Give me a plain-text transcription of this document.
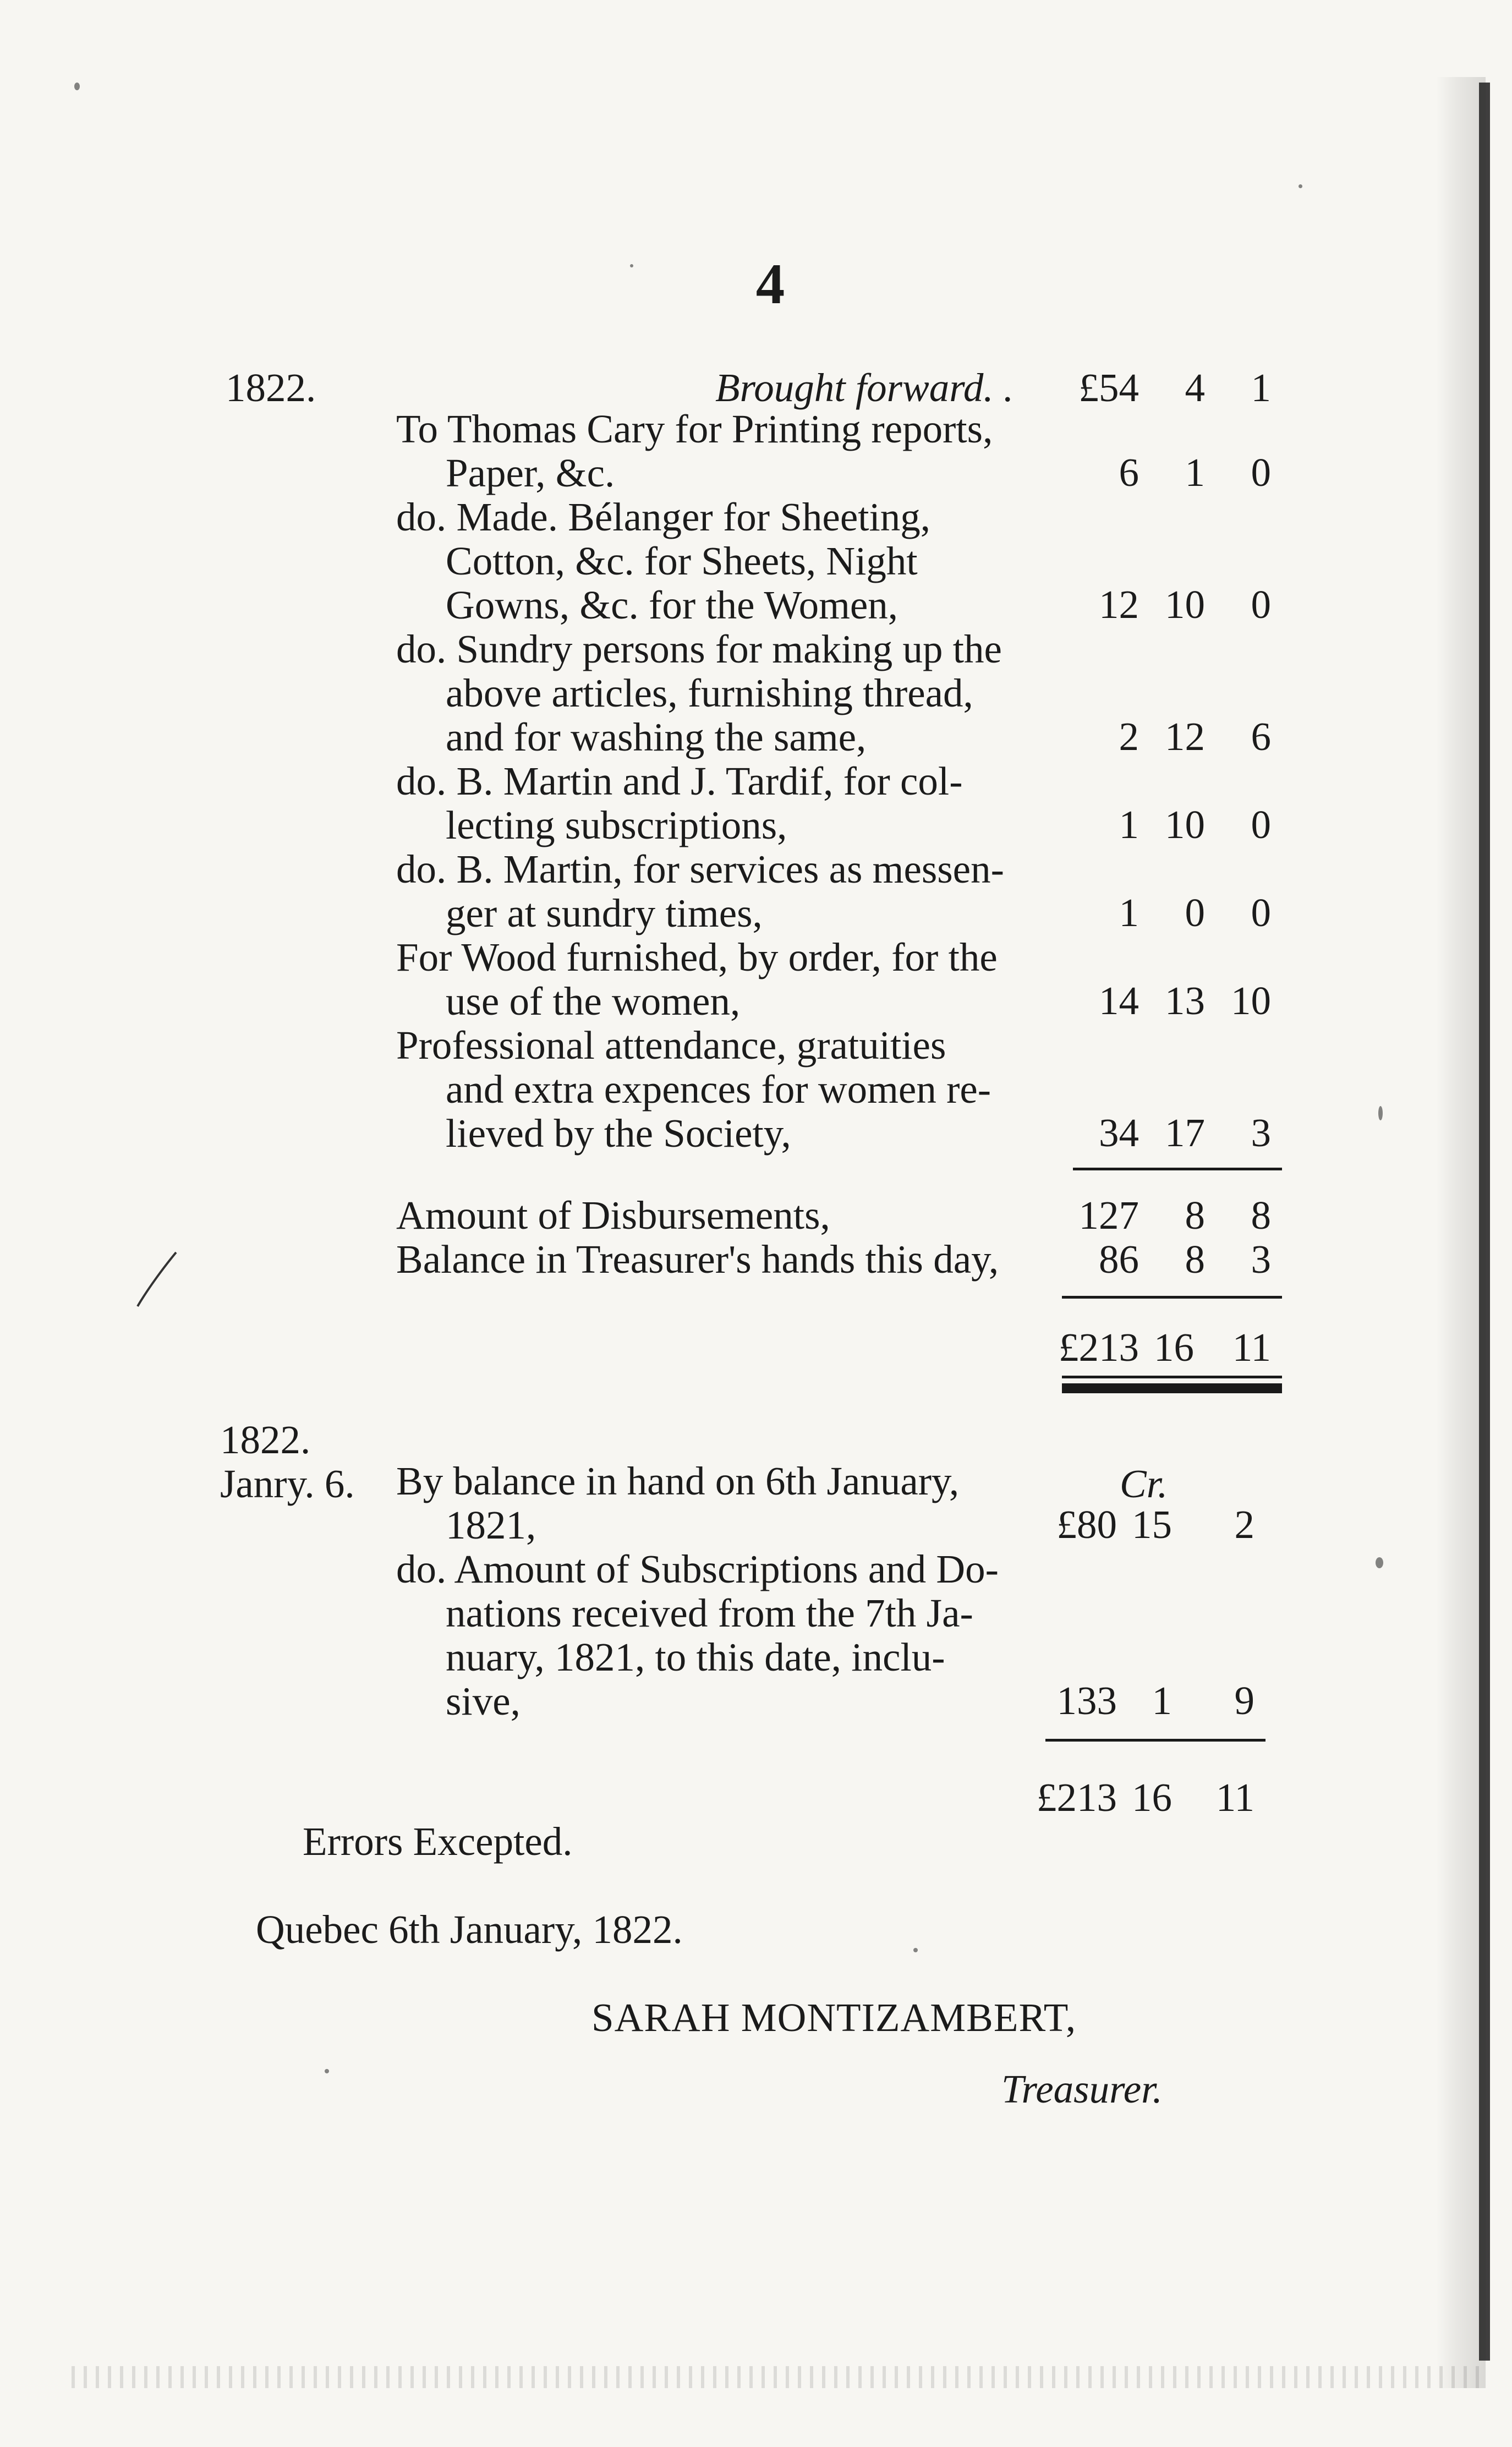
4
1822.	Brought forward. . £54	4	1
To Thomas Cary for Printing reports,
Paper, &c.	6	1	0
do. Made. Bélanger for Sheeting,
Cotton, &c. for Sheets, Night
Gowns, &c. for the Women,	12 10	0
do. Sundry persons for making up the
above articles, furnishing thread,
and for washing the same,	2 12	6
do. B. Martin and J. Tardif, for col-
lecting subscriptions,	1 10	0
do. B. Martin, for services as messen-
ger at sundry times,	1	0	0
For Wood furnished, by order, for the
use of the women,	14 13 10
Professional attendance, gratuities
and extra expences for women re-
lieved by the Society,	34 17	3
Amount of Disbursements,	127	8	8
Balance in Treasurer's hands this day,	86	8	3
£213 16 11
1822.
Janry. 6.	Cr.
By balance in hand on 6th January,
1821,	£80 15	2
do. Amount of Subscriptions and Do-
nations received from the 7th Ja-
nuary, 1821, to this date, inclu-
sive,	133 1	9
£213 16 11
Errors Excepted.
Quebec 6th January, 1822.
SARAH MONTIZAMBERT,
Treasurer.
